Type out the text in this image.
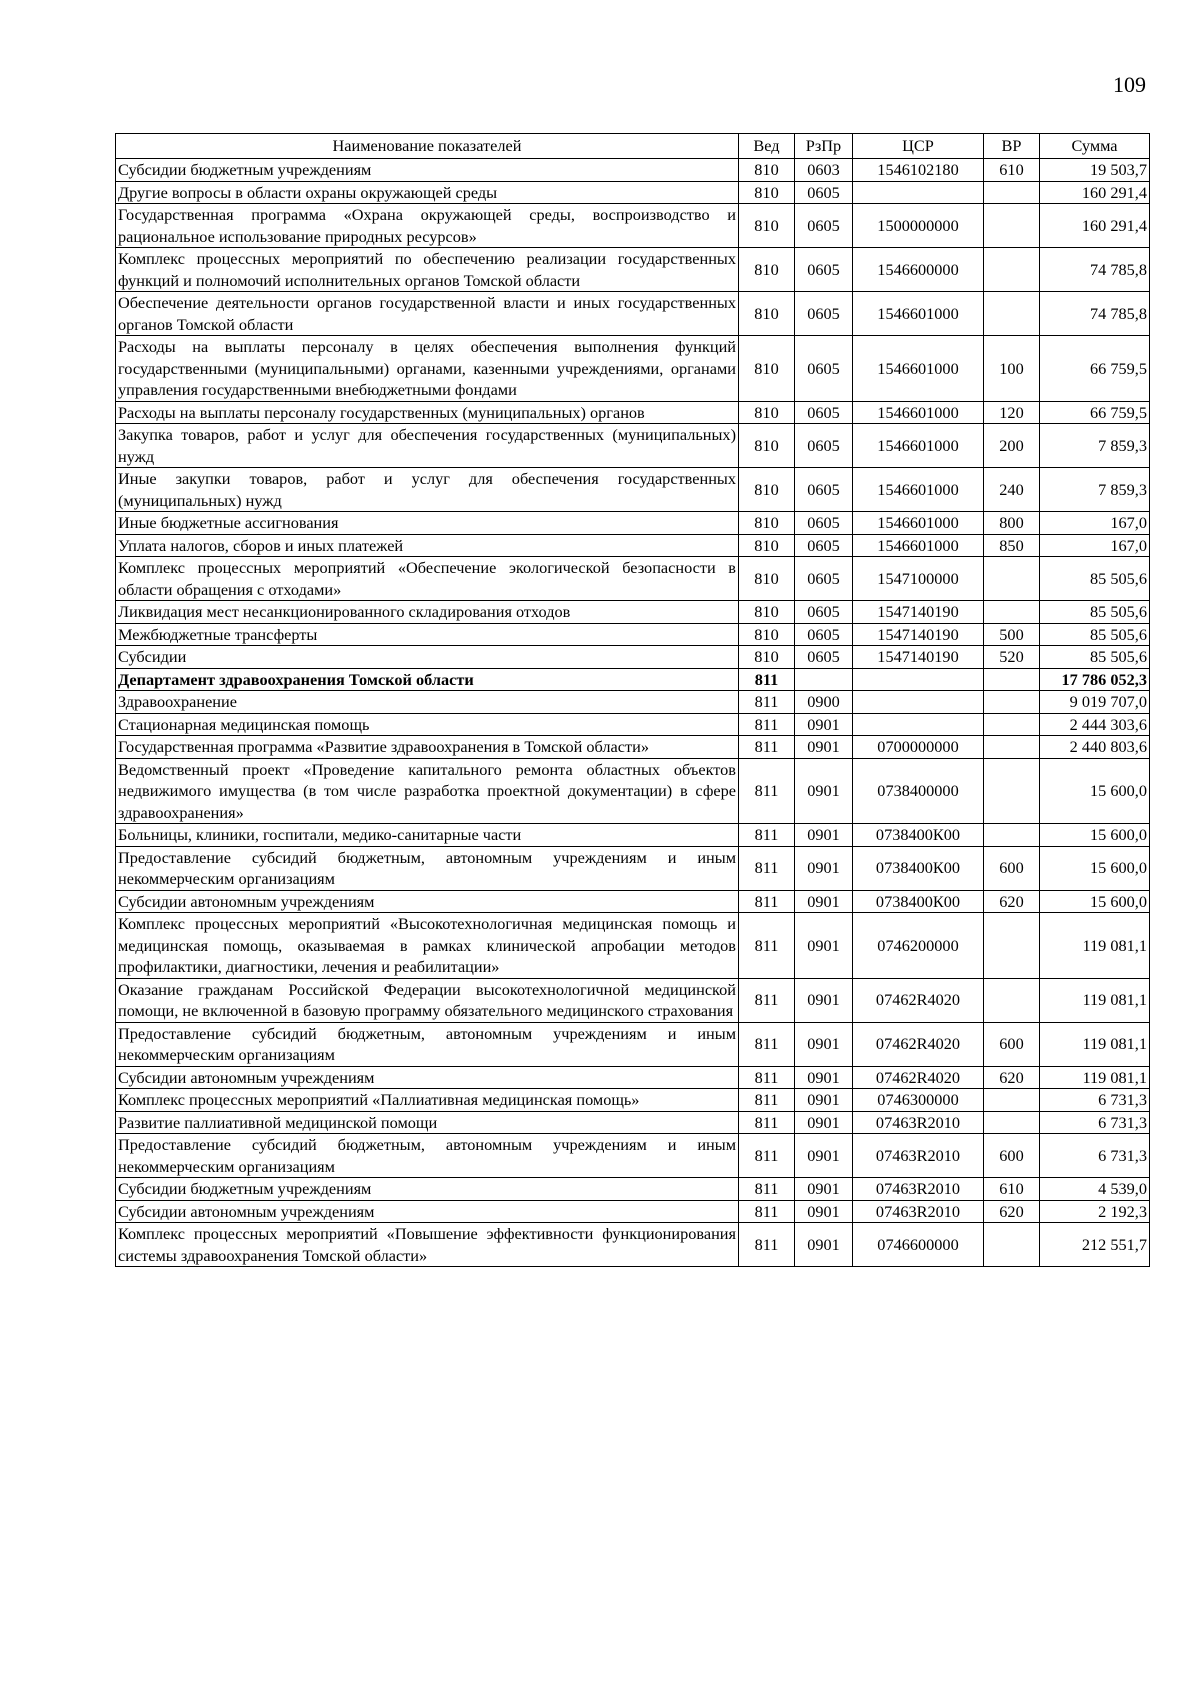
109
Наименование показателей	Вед	РзПр	ЦСР	ВР	Сумма
Субсидии бюджетным учреждениям	810	0603	1546102180	610	19 503,7
Другие вопросы в области охраны окружающей среды	810	0605			160 291,4
Государственная программа «Охрана окружающей среды, воспроизводство и рациональное использование природных ресурсов»	810	0605	1500000000		160 291,4
Комплекс процессных мероприятий по обеспечению реализации государственных функций и полномочий исполнительных органов Томской области	810	0605	1546600000		74 785,8
Обеспечение деятельности органов государственной власти и иных государственных органов Томской области	810	0605	1546601000		74 785,8
Расходы на выплаты персоналу в целях обеспечения выполнения функций государственными (муниципальными) органами, казенными учреждениями, органами управления государственными внебюджетными фондами	810	0605	1546601000	100	66 759,5
Расходы на выплаты персоналу государственных (муниципальных) органов	810	0605	1546601000	120	66 759,5
Закупка товаров, работ и услуг для обеспечения государственных (муниципальных) нужд	810	0605	1546601000	200	7 859,3
Иные закупки товаров, работ и услуг для обеспечения государственных (муниципальных) нужд	810	0605	1546601000	240	7 859,3
Иные бюджетные ассигнования	810	0605	1546601000	800	167,0
Уплата налогов, сборов и иных платежей	810	0605	1546601000	850	167,0
Комплекс процессных мероприятий «Обеспечение экологической безопасности в области обращения с отходами»	810	0605	1547100000		85 505,6
Ликвидация мест несанкционированного складирования отходов	810	0605	1547140190		85 505,6
Межбюджетные трансферты	810	0605	1547140190	500	85 505,6
Субсидии	810	0605	1547140190	520	85 505,6
Департамент здравоохранения Томской области	811				17 786 052,3
Здравоохранение	811	0900			9 019 707,0
Стационарная медицинская помощь	811	0901			2 444 303,6
Государственная программа «Развитие здравоохранения в Томской области»	811	0901	0700000000		2 440 803,6
Ведомственный проект «Проведение капитального ремонта областных объектов недвижимого имущества (в том числе разработка проектной документации) в сфере здравоохранения»	811	0901	0738400000		15 600,0
Больницы, клиники, госпитали, медико-санитарные части	811	0901	0738400К00		15 600,0
Предоставление субсидий бюджетным, автономным учреждениям и иным некоммерческим организациям	811	0901	0738400К00	600	15 600,0
Субсидии автономным учреждениям	811	0901	0738400К00	620	15 600,0
Комплекс процессных мероприятий «Высокотехнологичная медицинская помощь и медицинская помощь, оказываемая в рамках клинической апробации методов профилактики, диагностики, лечения и реабилитации»	811	0901	0746200000		119 081,1
Оказание гражданам Российской Федерации высокотехнологичной медицинской помощи, не включенной в базовую программу обязательного медицинского страхования	811	0901	07462R4020		119 081,1
Предоставление субсидий бюджетным, автономным учреждениям и иным некоммерческим организациям	811	0901	07462R4020	600	119 081,1
Субсидии автономным учреждениям	811	0901	07462R4020	620	119 081,1
Комплекс процессных мероприятий «Паллиативная медицинская помощь»	811	0901	0746300000		6 731,3
Развитие паллиативной медицинской помощи	811	0901	07463R2010		6 731,3
Предоставление субсидий бюджетным, автономным учреждениям и иным некоммерческим организациям	811	0901	07463R2010	600	6 731,3
Субсидии бюджетным учреждениям	811	0901	07463R2010	610	4 539,0
Субсидии автономным учреждениям	811	0901	07463R2010	620	2 192,3
Комплекс процессных мероприятий «Повышение эффективности функционирования системы здравоохранения Томской области»	811	0901	0746600000		212 551,7
